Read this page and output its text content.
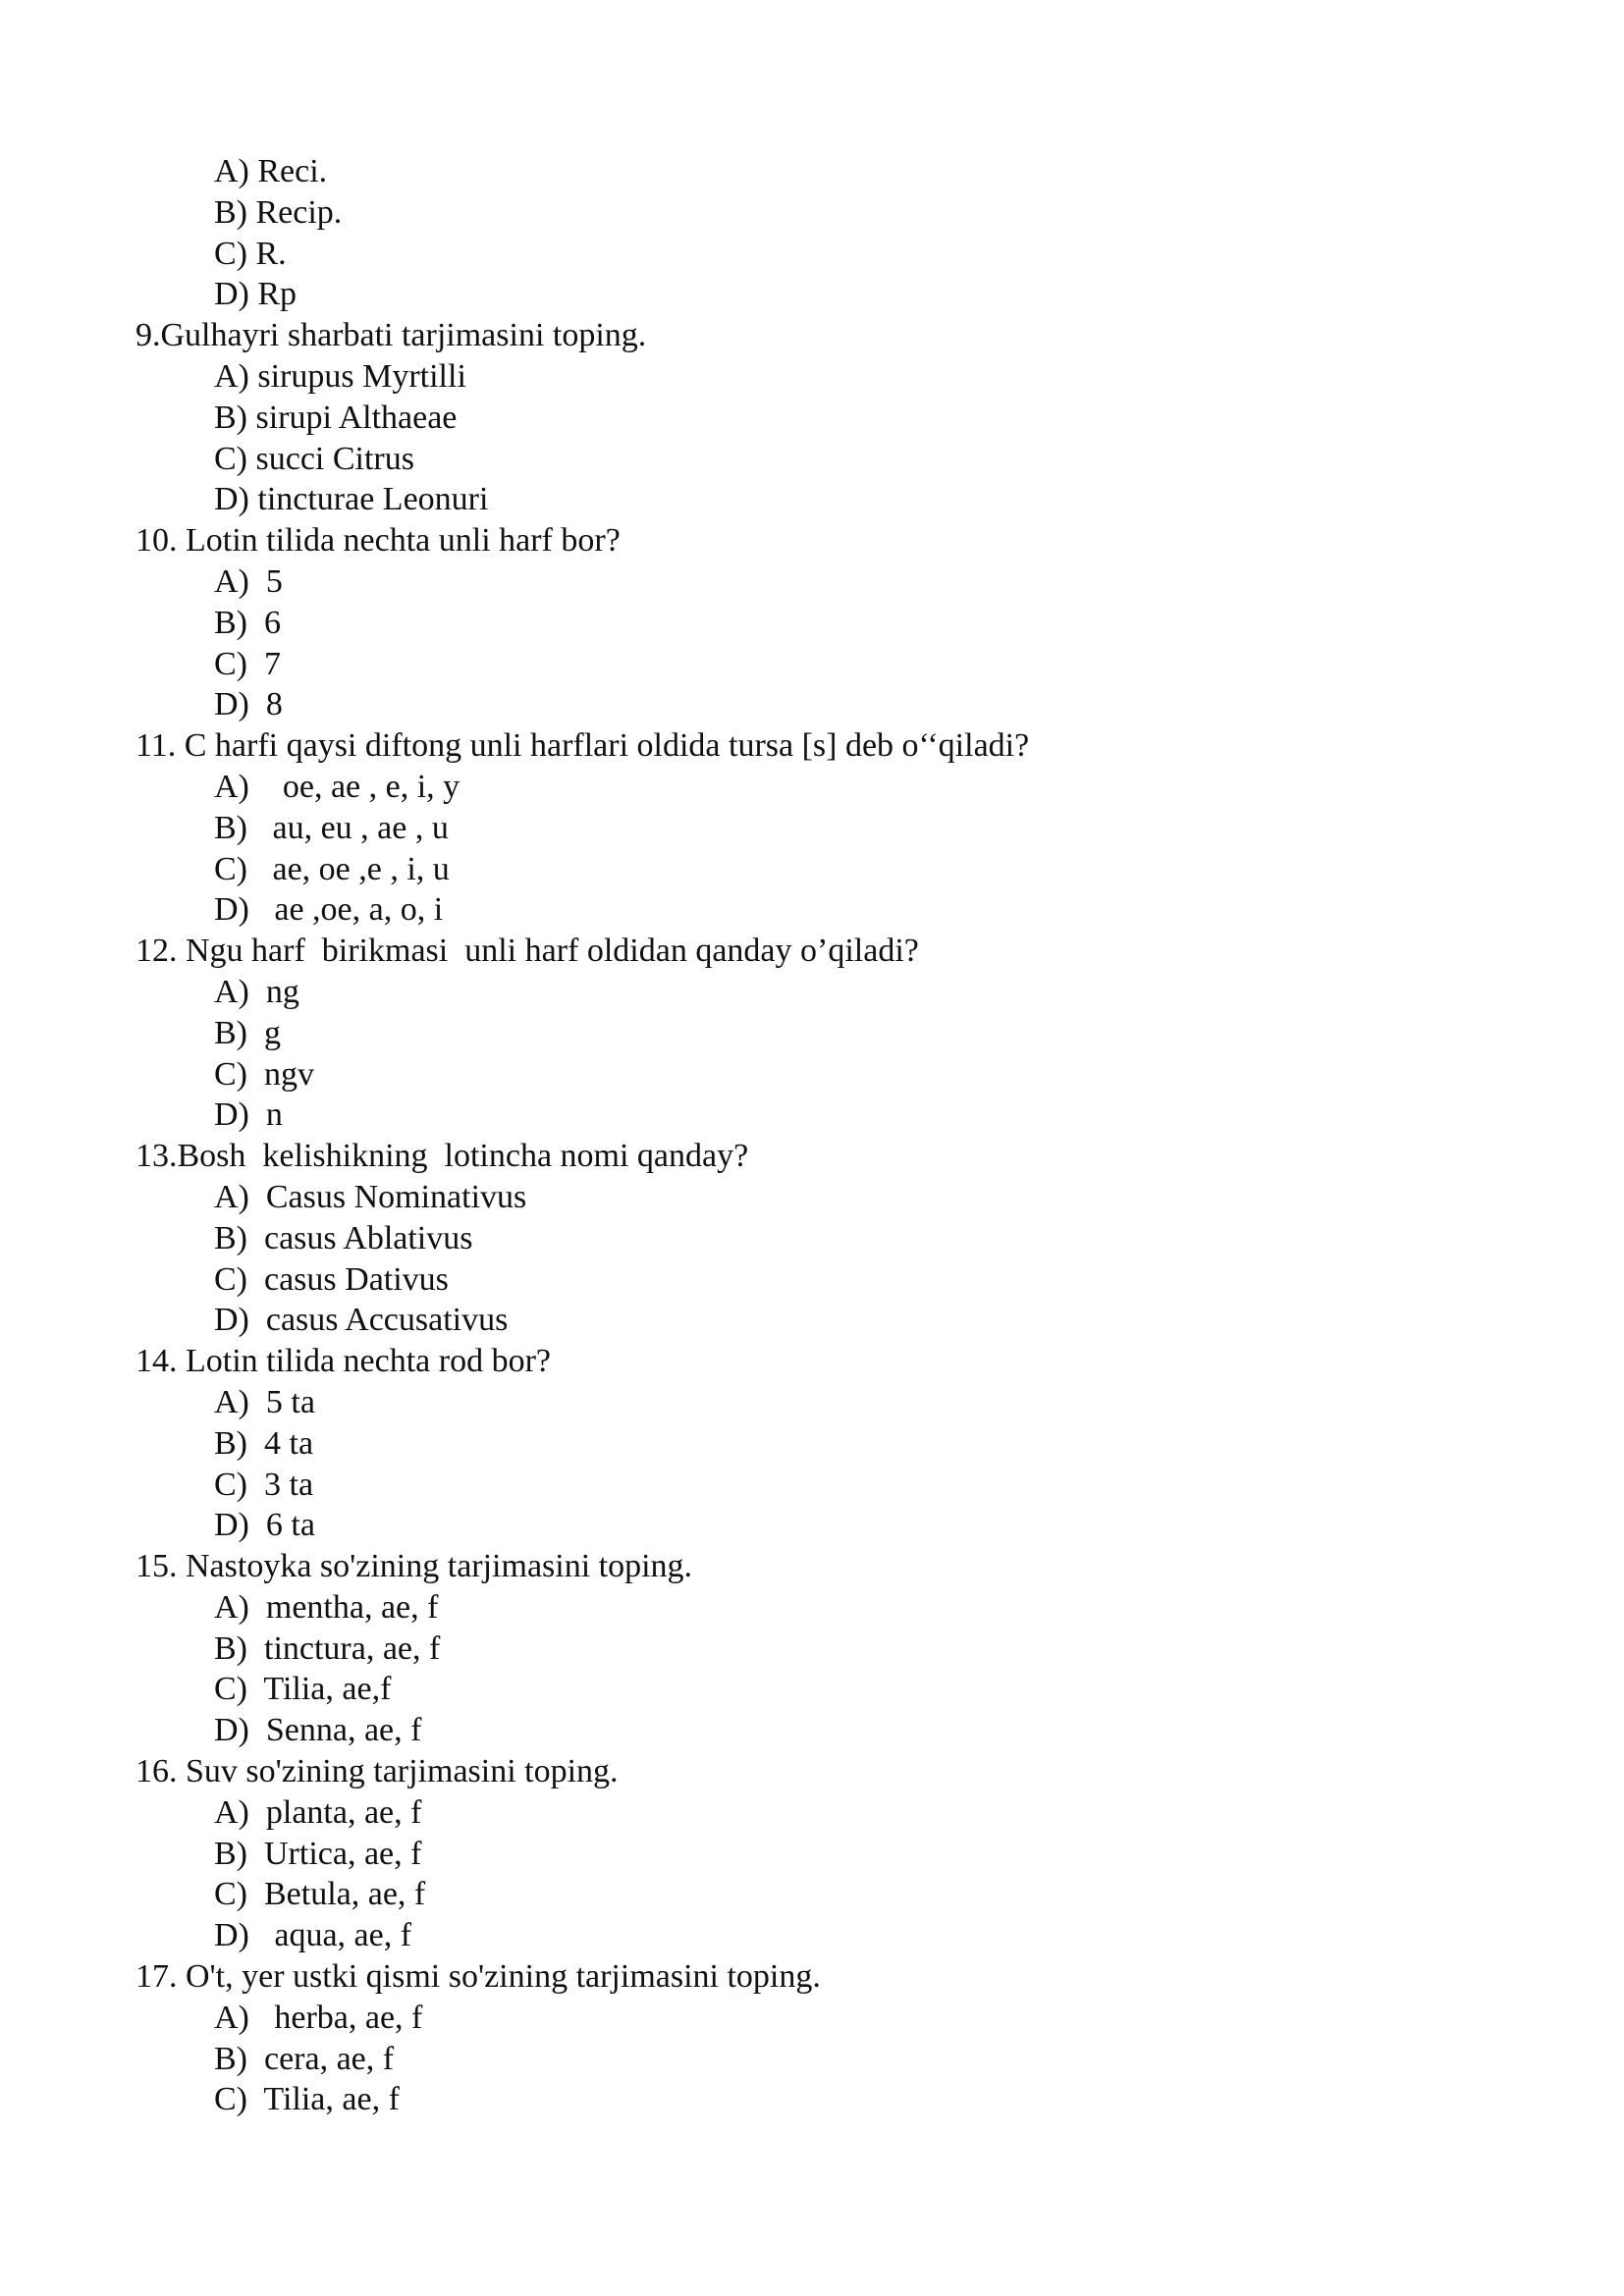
A) Reci.
B) Recip.
C) R.
D) Rp
9.Gulhayri sharbati tarjimasini toping.
A) sirupus Myrtilli
B) sirupi Althaeae
C) succi Citrus
D) tincturae Leonuri
10. Lotin tilida nechta unli harf bor?
A)  5
B)  6
C)  7
D)  8
11. C harfi qaysi diftong unli harflari oldida tursa [s] deb o‘‘qiladi?
A)    oe, ae , e, i, y
B)   au, eu , ae , u
C)   ae, oe ,e , i, u
D)   ae ,oe, a, o, i
12. Ngu harf  birikmasi  unli harf oldidan qanday o’qiladi?
A)  ng
B)  g
C)  ngv
D)  n
13.Bosh  kelishikning  lotincha nomi qanday?
A)  Casus Nominativus
B)  casus Ablativus
C)  casus Dativus
D)  casus Accusativus
14. Lotin tilida nechta rod bor?
A)  5 ta
B)  4 ta
C)  3 ta
D)  6 ta
15. Nastoyka so'zining tarjimasini toping.
A)  mentha, ae, f
B)  tinctura, ae, f
C)  Tilia, ae,f
D)  Senna, ae, f
16. Suv so'zining tarjimasini toping.
A)  planta, ae, f
B)  Urtica, ae, f
C)  Betula, ae, f
D)   aqua, ae, f
17. O't, yer ustki qismi so'zining tarjimasini toping.
A)   herba, ae, f
B)  cera, ae, f
C)  Tilia, ae, f
